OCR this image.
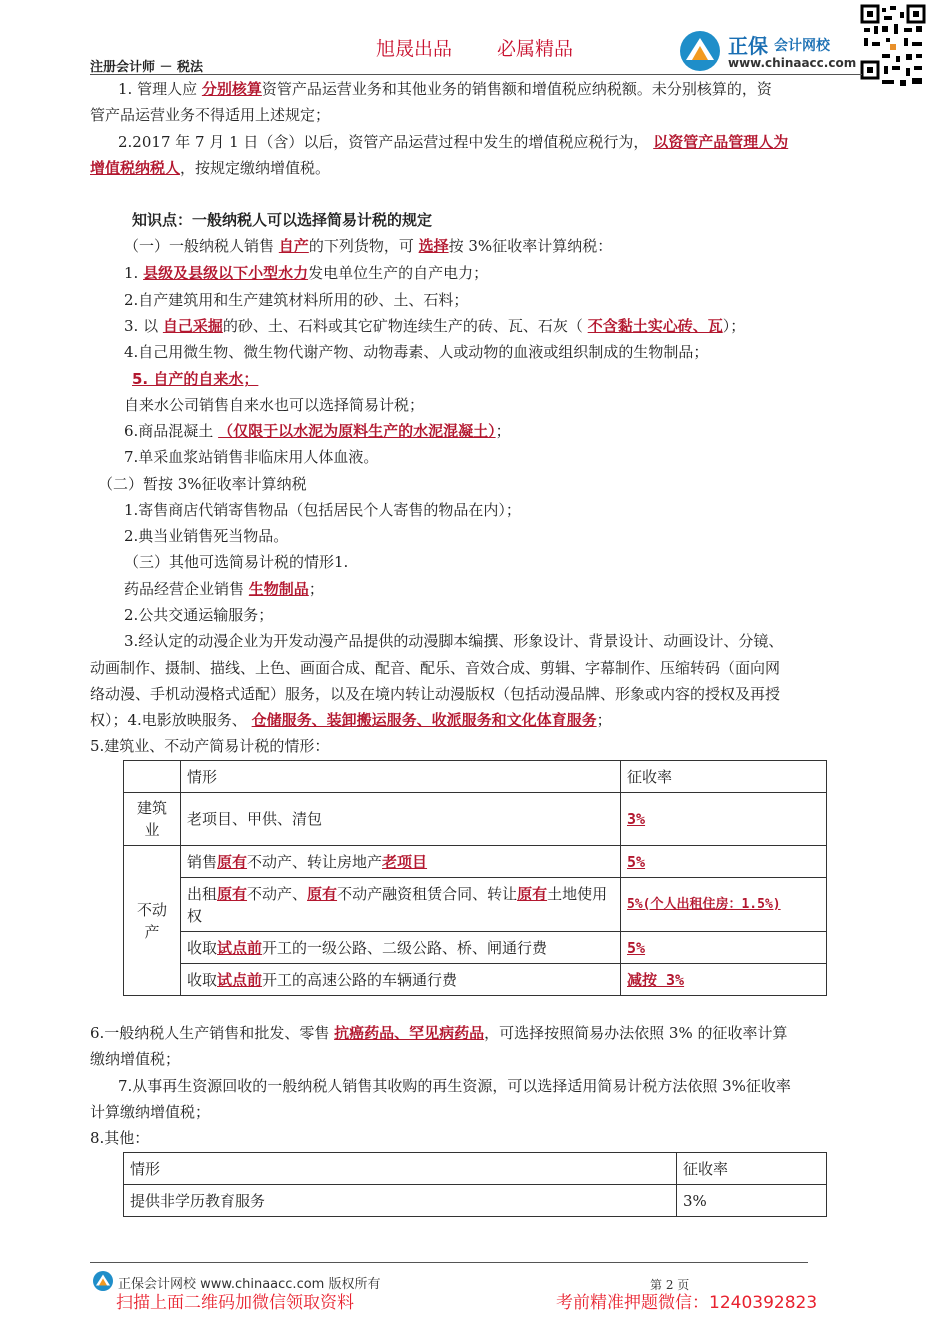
旭晟出品 必属精品	正保 会计网校
www.chinaacc.com
注册会计师 － 税法
1. 管理人应 分别核算资管产品运营业务和其他业务的销售额和增值税应纳税额。未分别核算的，资
管产品运营业务不得适用上述规定；
2.2017 年 7 月 1 日（含）以后，资管产品运营过程中发生的增值税应税行为， 以资管产品管理人为
增值税纳税人，按规定缴纳增值税。
知识点：一般纳税人可以选择简易计税的规定
（一）一般纳税人销售 自产的下列货物，可 选择按 3%征收率计算纳税：
1. 县级及县级以下小型水力发电单位生产的自产电力；
2.自产建筑用和生产建筑材料所用的砂、土、石料；
3. 以 自己采掘的砂、土、石料或其它矿物连续生产的砖、瓦、石灰（ 不含黏土实心砖、瓦）；
4.自己用微生物、微生物代谢产物、动物毒素、人或动物的血液或组织制成的生物制品；
5. 自产的自来水；
自来水公司销售自来水也可以选择简易计税；
6.商品混凝土 （仅限于以水泥为原料生产的水泥混凝土）；
7.单采血浆站销售非临床用人体血液。
（二）暂按 3%征收率计算纳税
1.寄售商店代销寄售物品（包括居民个人寄售的物品在内）；
2.典当业销售死当物品。
（三）其他可选简易计税的情形1.
药品经营企业销售 生物制品；
2.公共交通运输服务；
3.经认定的动漫企业为开发动漫产品提供的动漫脚本编撰、形象设计、背景设计、动画设计、分镜、
动画制作、摄制、描线、上色、画面合成、配音、配乐、音效合成、剪辑、字幕制作、压缩转码（面向网
络动漫、手机动漫格式适配）服务，以及在境内转让动漫版权（包括动漫品牌、形象或内容的授权及再授
权）；4.电影放映服务、 仓储服务、装卸搬运服务、收派服务和文化体育服务；
5.建筑业、不动产简易计税的情形：
	情形	征收率
建筑业	老项目、甲供、清包	3%
不动产	销售原有不动产、转让房地产老项目	5%
	出租原有不动产、原有不动产融资租赁合同、转让原有土地使用权	5%(个人出租住房：1.5%)
	收取试点前开工的一级公路、二级公路、桥、闸通行费	5%
	收取试点前开工的高速公路的车辆通行费	减按 3%
6.一般纳税人生产销售和批发、零售 抗癌药品、罕见病药品，可选择按照简易办法依照 3% 的征收率计算
缴纳增值税；
7.从事再生资源回收的一般纳税人销售其收购的再生资源，可以选择适用简易计税方法依照 3%征收率
计算缴纳增值税；
8.其他：
情形	征收率
提供非学历教育服务	3%
正保会计网校 www.chinaacc.com 版权所有	第 2 页
扫描上面二维码加微信领取资料	考前精准押题微信：1240392823
